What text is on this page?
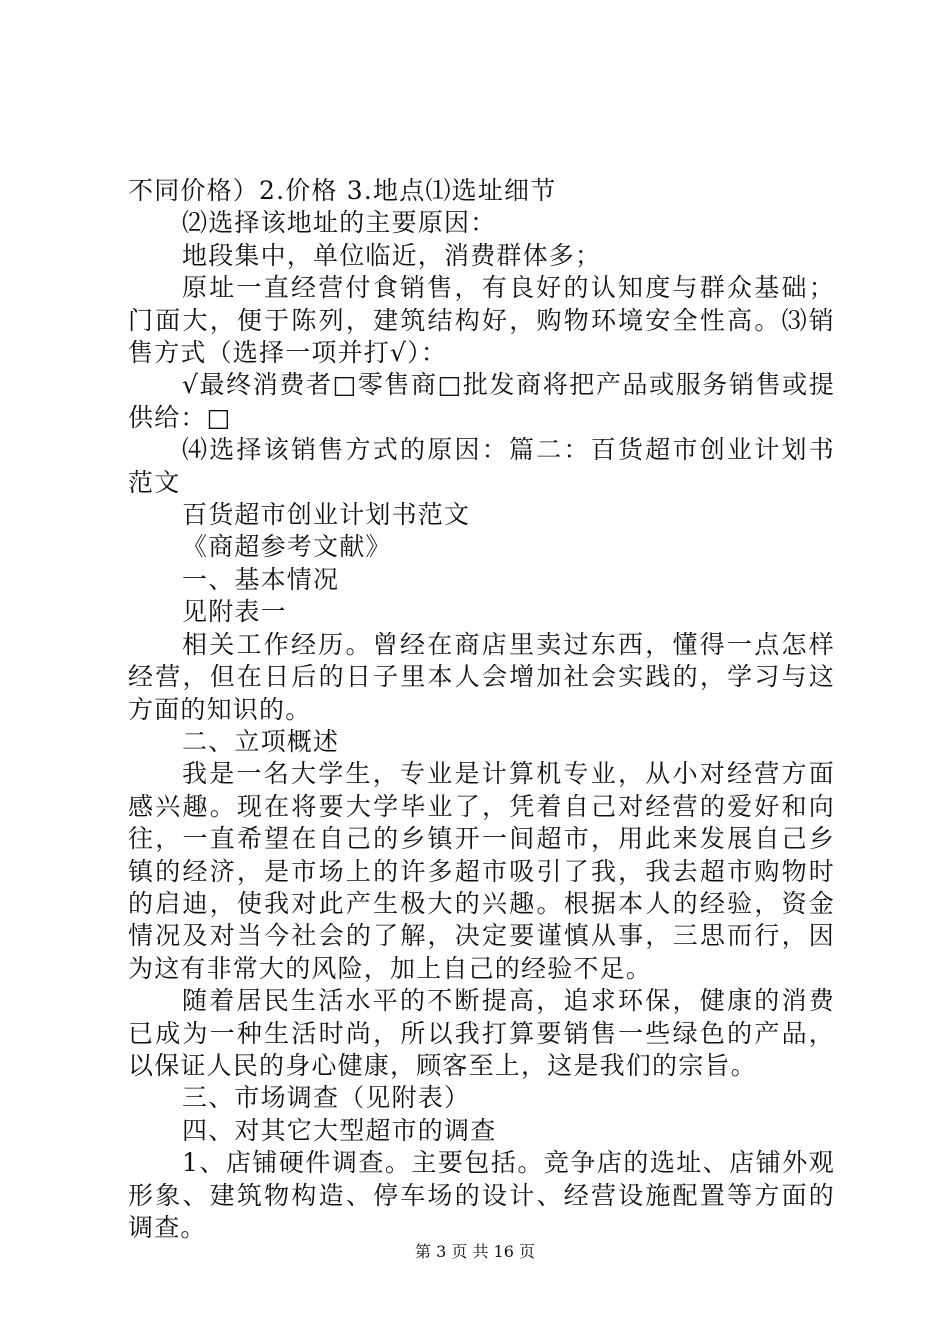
不同价格）2.价格 3.地点⑴选址细节

⑵选择该地址的主要原因：

地段集中，单位临近，消费群体多；

原址一直经营付食销售，有良好的认知度与群众基础；门面大，便于陈列，建筑结构好，购物环境安全性高。⑶销售方式（选择一项并打√）：

√最终消费者□零售商□批发商将把产品或服务销售或提供给：□

⑷选择该销售方式的原因：篇二：百货超市创业计划书范文

百货超市创业计划书范文

《商超参考文献》

一、基本情况

见附表一

相关工作经历。曾经在商店里卖过东西，懂得一点怎样经营，但在日后的日子里本人会增加社会实践的，学习与这方面的知识的。

二、立项概述

我是一名大学生，专业是计算机专业，从小对经营方面感兴趣。现在将要大学毕业了，凭着自己对经营的爱好和向往，一直希望在自己的乡镇开一间超市，用此来发展自己乡镇的经济，是市场上的许多超市吸引了我，我去超市购物时的启迪，使我对此产生极大的兴趣。根据本人的经验，资金情况及对当今社会的了解，决定要谨慎从事，三思而行，因为这有非常大的风险，加上自己的经验不足。

随着居民生活水平的不断提高，追求环保，健康的消费已成为一种生活时尚，所以我打算要销售一些绿色的产品，以保证人民的身心健康，顾客至上，这是我们的宗旨。

三、市场调查（见附表）

四、对其它大型超市的调查

1、店铺硬件调查。主要包括。竞争店的选址、店铺外观形象、建筑物构造、停车场的设计、经营设施配置等方面的调查。

第 3 页 共 16 页
